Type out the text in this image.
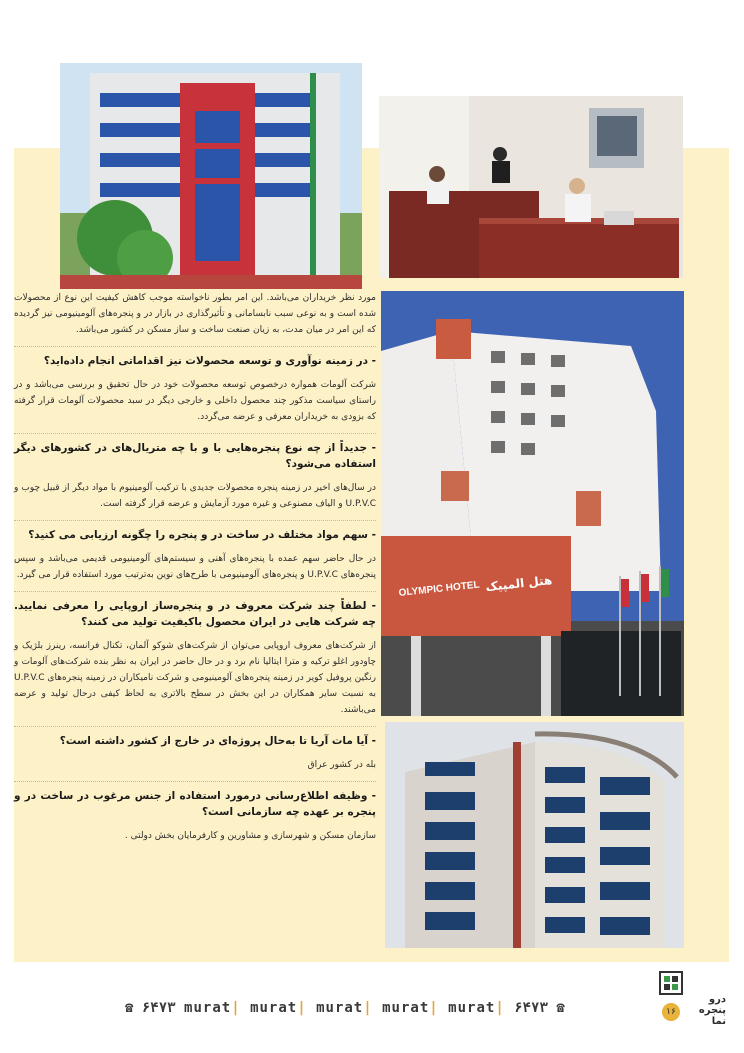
OLYMPIC HOTEL هتل المپیک

مورد نظر خریداران می‌باشد. این امر بطور ناخواسته موجب کاهش کیفیت این نوع از محصولات شده است و به نوعی سبب نابسامانی و تأثیرگذاری در بازار در و پنجره‌های آلومینیومی نیز گردیده که این امر در میان مدت، به زیان صنعت ساخت و ساز مسکن در کشور می‌باشد.

- در زمینه نوآوری و توسعه محصولات نیز اقداماتی انجام داده‌اید؟

شرکت آلومات همواره درخصوص توسعه محصولات خود در حال تحقیق و بررسی می‌باشد و در راستای سیاست مذکور چند محصول داخلی و خارجی دیگر در سبد محصولات آلومات قرار گرفته که بزودی به خریداران معرفی و عرضه می‌گردد.

- جدیداً از چه نوع پنجره‌هایی با و با چه متریال‌های در کشورهای دیگر استفاده می‌شود؟

در سال‌های اخیر در زمینه پنجره محصولات جدیدی با ترکیب آلومینیوم با مواد دیگر از قبیل چوب و U.P.V.C و الیاف مصنوعی و غیره مورد آزمایش و عرضه قرار گرفته است.

- سهم مواد مختلف در ساخت در و پنجره را چگونه ارزیابی می کنید؟

در حال حاضر سهم عمده با پنجره‌های آهنی و سیستم‌های آلومینیومی قدیمی می‌باشد و سپس پنجره‌های U.P.V.C و پنجره‌های آلومینیومی با طرح‌های نوین به‌ترتیب مورد استفاده قرار می گیرد.

- لطفاً چند شرکت معروف در و پنجره‌ساز اروپایی را معرفی نمایید. چه شرکت هایی در ایران محصول باکیفیت تولید می کنند؟

از شرکت‌های معروف اروپایی می‌توان از شرکت‌های شوکو آلمان، تکنال فرانسه، رینرز بلژیک و چاودور اغلو ترکیه و مترا ایتالیا نام برد و در حال حاضر در ایران به نظر بنده شرکت‌های آلومات و رنگین پروفیل کویر در زمینه پنجره‌های آلومینیومی و شرکت نامیکاران در زمینه پنجره‌های U.P.V.C به نسبت سایر همکاران در این بخش در سطح بالاتری به لحاظ کیفی درحال تولید و عرضه می‌باشند.

- آیا مات آریا تا به‌حال پروژه‌ای در خارج از کشور داشته است؟

بله در کشور عراق

- وظیفه اطلاع‌رسانی درمورد استفاده از جنس مرغوب در ساخت در و پنجره بر عهده چه سازمانی است؟

سازمان مسکن و شهرسازی و مشاورین و کارفرمایان بخش دولتی .

☎ ۶۴۷۳ murat| murat| murat| murat| murat| ۶۴۷۳ ☎	۱۶
درو پنجره نما
